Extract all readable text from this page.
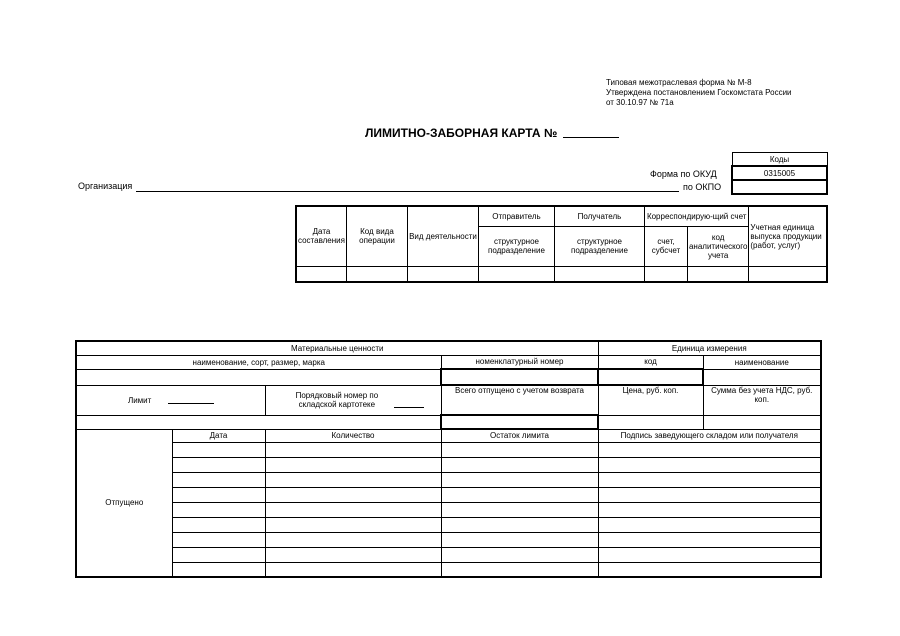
Типовая межотраслевая форма № М-8
Утверждена постановлением Госкомстата России
от 30.10.97 № 71а
ЛИМИТНО-ЗАБОРНАЯ КАРТА №
Коды
0315005

Форма по ОКУД
по ОКПО
Организация
Дата составления	Код вида операции	Вид деятельности	Отправитель	Получатель	Корреспондирую-щий счет		Учетная единица выпуска продукции (работ, услуг)
			структурное подразделение	структурное подразделение	счет, субсчет	код аналитического учета	

Материальные ценности				Единица измерения	
наименование, сорт, размер, марка			номенклатурный номер	код	наименование

Лимит		Порядковый номер по складской картотеке	Всего отпущено с учетом возврата	Цена, руб. коп.	Сумма без учета НДС, руб. коп.

Отпущено	Дата	Количество	Остаток лимита	Подпись заведующего складом или получателя	
